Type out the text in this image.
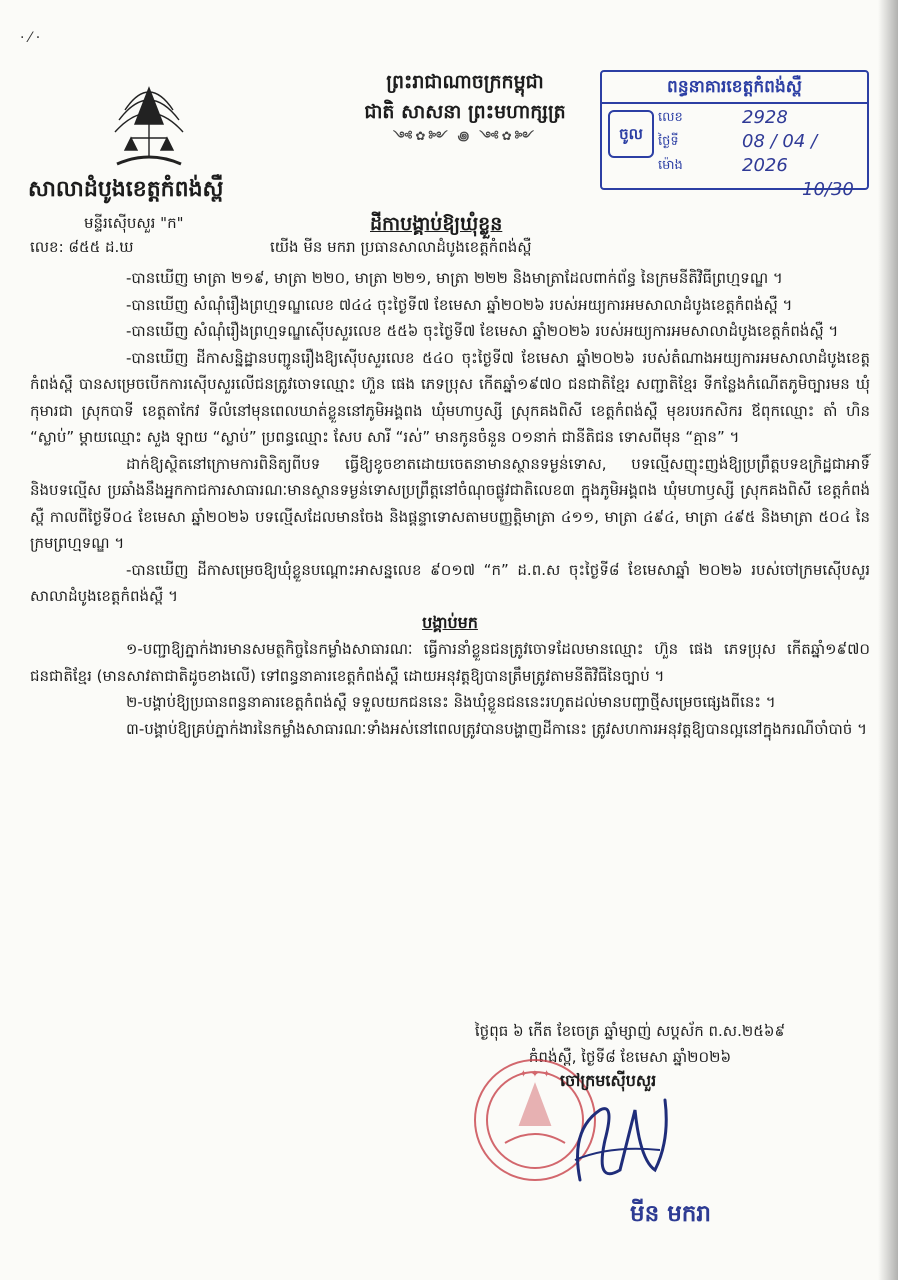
· ⁄ ·
សាលាដំបូងខេត្តកំពង់ស្ពឺ
មន្ទីរស៊ើបសួរ "ក"
លេខ: ៨៥៥ ដ.ឃ
ព្រះរាជាណាចក្រកម្ពុជា
ជាតិ សាសនា ព្រះមហាក្សត្រ
༺✿༻ ꩜ ༺✿༻
ពន្ធនាគារខេត្តកំពង់ស្ពឺ
ចូល
លេខ
ថ្ងៃទី
ម៉ោង
2928
08 / 04 / 2026
10/30
ដីកាបង្គាប់ឱ្យឃុំខ្លួន
យើង មីន មករា ប្រធានសាលាដំបូងខេត្តកំពង់ស្ពឺ

-បានឃើញ មាត្រា ២១៩, មាត្រា ២២០, មាត្រា ២២១, មាត្រា ២២២ និងមាត្រាដែលពាក់ព័ន្ធ នៃក្រមនីតិវិធីព្រហ្មទណ្ឌ ។

-បានឃើញ សំណុំរឿងព្រហ្មទណ្ឌលេខ ៧៤៤ ចុះថ្ងៃទី៧ ខែមេសា ឆ្នាំ២០២៦ របស់អយ្យការអមសាលាដំបូងខេត្តកំពង់ស្ពឺ ។

-បានឃើញ សំណុំរឿងព្រហ្មទណ្ឌស៊ើបសួរលេខ ៥៥៦ ចុះថ្ងៃទី៧ ខែមេសា ឆ្នាំ២០២៦ របស់អយ្យការអមសាលាដំបូងខេត្តកំពង់ស្ពឺ ។

-បានឃើញ ដីកាសន្និដ្ឋានបញ្ជូនរឿងឱ្យស៊ើបសួរលេខ ៥៤០ ចុះថ្ងៃទី៧ ខែមេសា ឆ្នាំ២០២៦ របស់តំណាងអយ្យការអមសាលាដំបូងខេត្តកំពង់ស្ពឺ បានសម្រេចបើកការស៊ើបសួរលើជនត្រូវចោទឈ្មោះ ហ៊ួន ផេង ភេទប្រុស កើតឆ្នាំ១៩៧០ ជនជាតិខ្មែរ សញ្ជាតិខ្មែរ ទីកន្លែងកំណើតភូមិច្បារមន ឃុំកុមារជា ស្រុកបាទី ខេត្តតាកែវ ទីលំនៅមុនពេលឃាត់ខ្លួននៅភូមិអង្គពង ឃុំមហាឫស្សី ស្រុកគងពិសី ខេត្តកំពង់ស្ពឺ មុខរបរកសិករ ឪពុកឈ្មោះ តាំ ហិន “ស្លាប់” ម្តាយឈ្មោះ សួង ឡាយ “ស្លាប់” ប្រពន្ធឈ្មោះ សែប សារី “រស់” មានកូនចំនួន ០១នាក់ ជានីតិជន ទោសពីមុន “គ្មាន” ។

ដាក់ឱ្យស្ថិតនៅក្រោមការពិនិត្យពីបទ ធ្វើឱ្យខូចខាតដោយចេតនាមានស្ថានទម្ងន់ទោស, បទល្មើសញុះញង់ឱ្យប្រព្រឹត្តបទឧក្រិដ្ឋជាអាទិ៍ និងបទល្មើស ប្រឆាំងនឹងអ្នកកាជការសាធារណៈមានស្ថានទម្ងន់ទោសប្រព្រឹត្តនៅចំណុចផ្លូវជាតិលេខ៣ ក្នុងភូមិអង្គពង ឃុំមហាឫស្សី ស្រុកគងពិសី ខេត្តកំពង់ស្ពឺ កាលពីថ្ងៃទី០៤ ខែមេសា ឆ្នាំ២០២៦ បទល្មើសដែលមានចែង និងផ្តន្ទាទោសតាមបញ្ញត្តិមាត្រា ៤១១, មាត្រា ៤៩៤, មាត្រា ៤៩៥ និងមាត្រា ៥០៤ នៃក្រមព្រហ្មទណ្ឌ ។

-បានឃើញ ដីកាសម្រេចឱ្យឃុំខ្លួនបណ្តោះអាសន្នលេខ ៩០១៧ “ក” ដ.ព.ស ចុះថ្ងៃទី៨ ខែមេសាឆ្នាំ ២០២៦ របស់ចៅក្រមស៊ើបសួរសាលាដំបូងខេត្តកំពង់ស្ពឺ ។

បង្គាប់មក

១-បញ្ជាឱ្យភ្នាក់ងារមានសមត្ថកិច្ចនៃកម្លាំងសាធារណៈ ធ្វើការនាំខ្លួនជនត្រូវចោទដែលមានឈ្មោះ ហ៊ួន ផេង ភេទប្រុស កើតឆ្នាំ១៩៧០ ជនជាតិខ្មែរ (មានសាវតាជាតិដូចខាងលើ) ទៅពន្ធនាគារខេត្តកំពង់ស្ពឺ ដោយអនុវត្តឱ្យបានត្រឹមត្រូវតាមនីតិវិធីនៃច្បាប់ ។

២-បង្គាប់ឱ្យប្រធានពន្ធនាគារខេត្តកំពង់ស្ពឺ ទទួលយកជននេះ និងឃុំខ្លួនជននេះរហូតដល់មានបញ្ជាថ្មីសម្រេចផ្សេងពីនេះ ។

៣-បង្គាប់ឱ្យគ្រប់ភ្នាក់ងារនៃកម្លាំងសាធារណៈទាំងអស់នៅពេលត្រូវបានបង្ហាញដីកានេះ ត្រូវសហការអនុវត្តឱ្យបានល្អនៅក្នុងករណីចាំបាច់ ។

ថ្ងៃពុធ ៦ កើត ខែចេត្រ ឆ្នាំម្សាញ់ សប្តស័ក ព.ស.២៥៦៩
កំពង់ស្ពឺ, ថ្ងៃទី៨ ខែមេសា ឆ្នាំ២០២៦
✦ ✦ ✦ ចៅក្រមស៊ើបសួរ
មីន មករា
